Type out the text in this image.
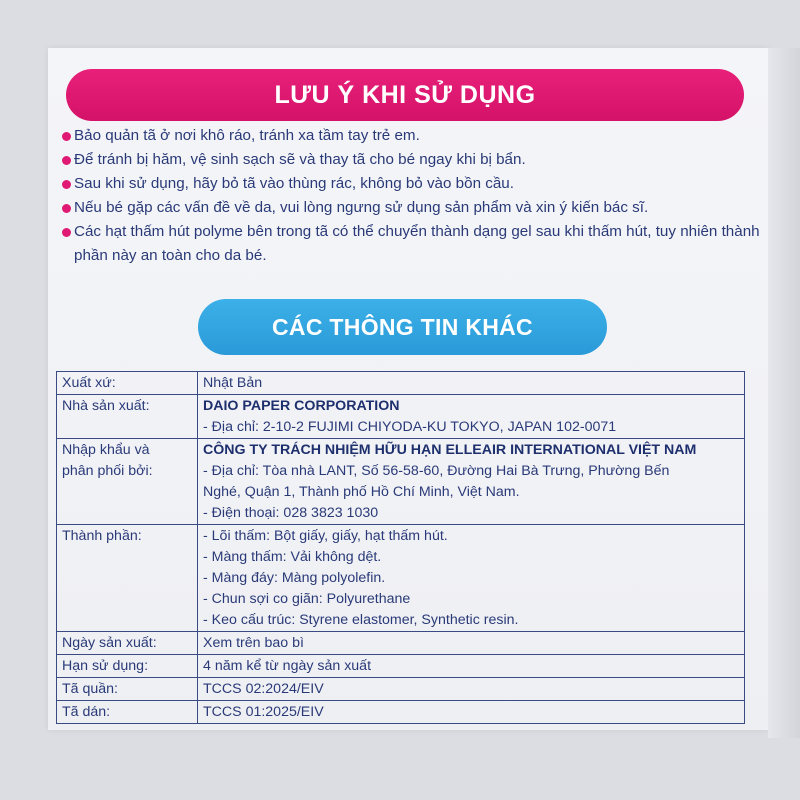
LƯU Ý KHI SỬ DỤNG
Bảo quản tã ở nơi khô ráo, tránh xa tầm tay trẻ em.
Để tránh bị hăm, vệ sinh sạch sẽ và thay tã cho bé ngay khi bị bẩn.
Sau khi sử dụng, hãy bỏ tã vào thùng rác, không bỏ vào bồn cầu.
Nếu bé gặp các vấn đề về da, vui lòng ngưng sử dụng sản phẩm và xin ý kiến bác sĩ.
Các hạt thấm hút polyme bên trong tã có thể chuyển thành dạng gel sau khi thấm hút, tuy nhiên thành phần này an toàn cho da bé.
CÁC THÔNG TIN KHÁC
Xuất xứ:	Nhật Bản
Nhà sản xuất:	DAIO PAPER CORPORATION
- Địa chỉ: 2-10-2 FUJIMI CHIYODA-KU TOKYO, JAPAN 102-0071

Nhập khẩu và
phân phối bởi:	CÔNG TY TRÁCH NHIỆM HỮU HẠN ELLEAIR INTERNATIONAL VIỆT NAM
- Địa chỉ: Tòa nhà LANT, Số 56-58-60, Đường Hai Bà Trưng, Phường Bến
Nghé, Quận 1, Thành phố Hồ Chí Minh, Việt Nam.
- Điện thoại: 028 3823 1030

Thành phần:	- Lõi thấm: Bột giấy, giấy, hạt thấm hút.
- Màng thấm: Vải không dệt.
- Màng đáy: Màng polyolefin.
- Chun sợi co giãn: Polyurethane
- Keo cấu trúc: Styrene elastomer, Synthetic resin.

Ngày sản xuất:	Xem trên bao bì
Hạn sử dụng:	4 năm kể từ ngày sản xuất
Tã quần:	TCCS 02:2024/EIV
Tã dán:	TCCS 01:2025/EIV
